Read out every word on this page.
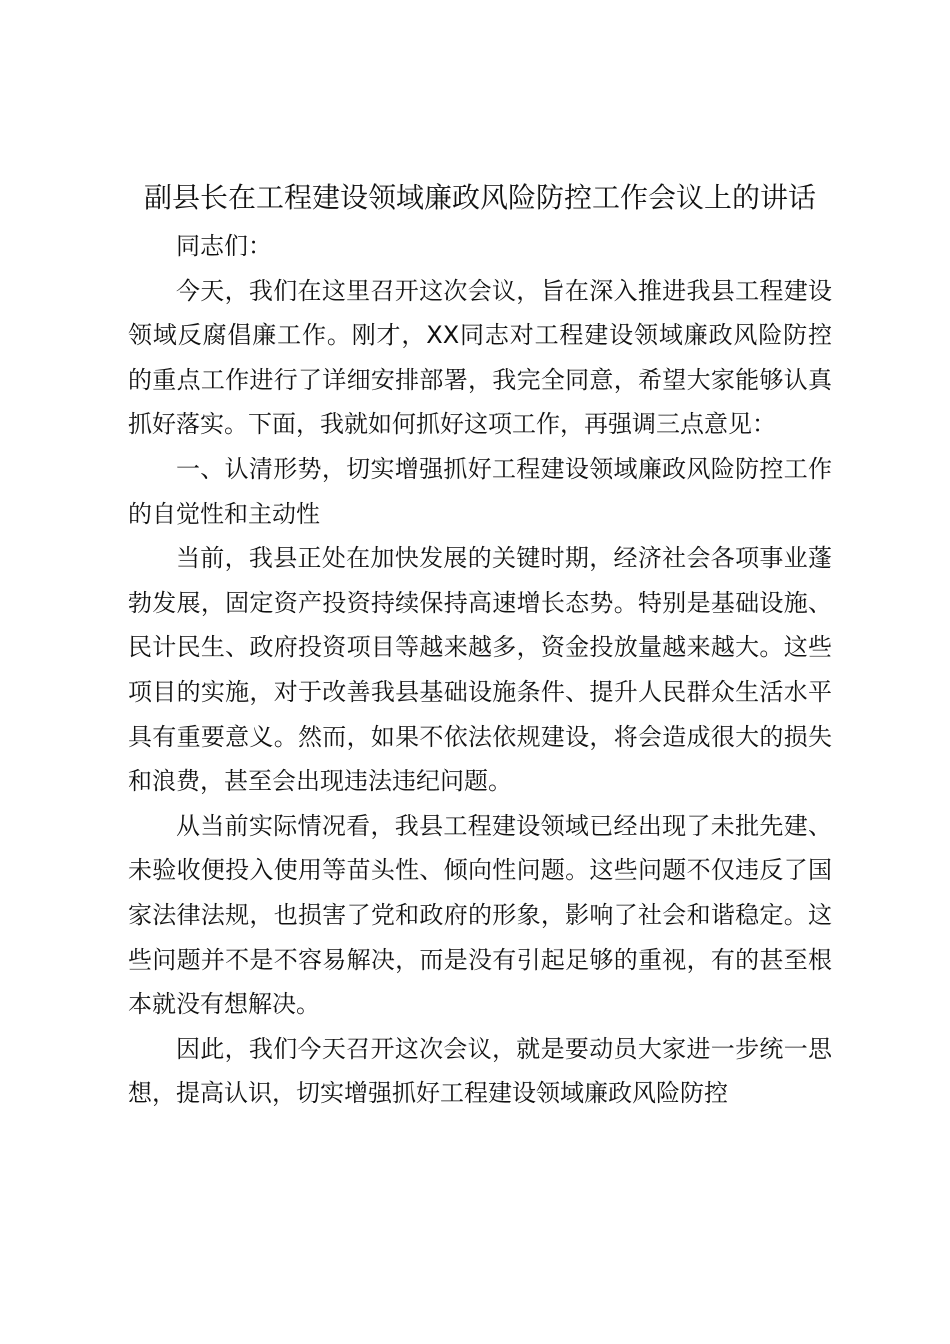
副县长在工程建设领域廉政风险防控工作会议上的讲话

同志们：

今天，我们在这里召开这次会议，旨在深入推进我县工程建设领域反腐倡廉工作。刚才，XX同志对工程建设领域廉政风险防控的重点工作进行了详细安排部署，我完全同意，希望大家能够认真抓好落实。下面，我就如何抓好这项工作，再强调三点意见：

一、认清形势，切实增强抓好工程建设领域廉政风险防控工作的自觉性和主动性

当前，我县正处在加快发展的关键时期，经济社会各项事业蓬勃发展，固定资产投资持续保持高速增长态势。特别是基础设施、民计民生、政府投资项目等越来越多，资金投放量越来越大。这些项目的实施，对于改善我县基础设施条件、提升人民群众生活水平具有重要意义。然而，如果不依法依规建设，将会造成很大的损失和浪费，甚至会出现违法违纪问题。

从当前实际情况看，我县工程建设领域已经出现了未批先建、未验收便投入使用等苗头性、倾向性问题。这些问题不仅违反了国家法律法规，也损害了党和政府的形象，影响了社会和谐稳定。这些问题并不是不容易解决，而是没有引起足够的重视，有的甚至根本就没有想解决。

因此，我们今天召开这次会议，就是要动员大家进一步统一思想，提高认识，切实增强抓好工程建设领域廉政风险防控
